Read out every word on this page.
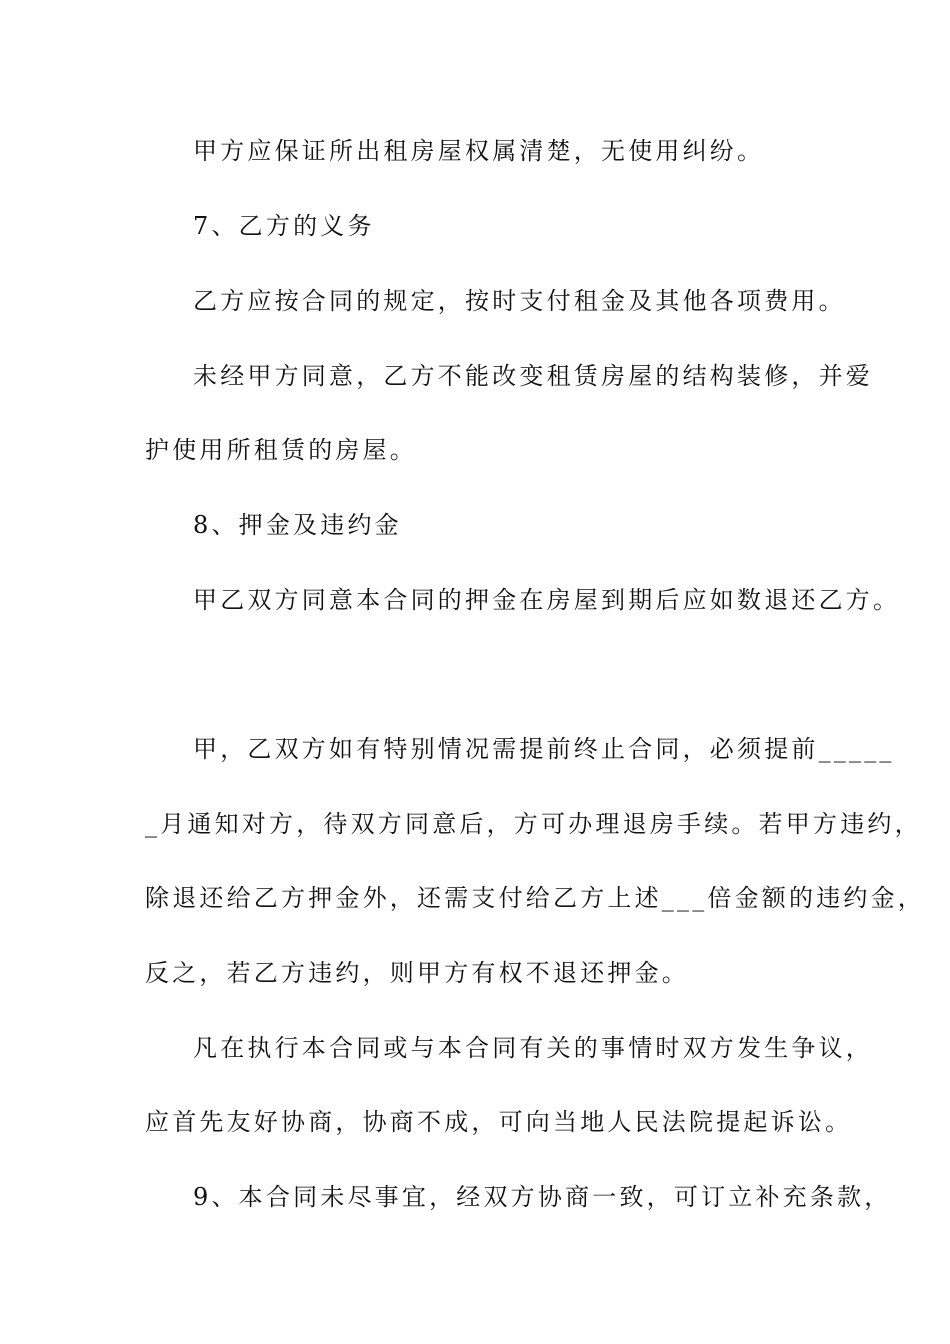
甲方应保证所出租房屋权属清楚，无使用纠纷。
7、乙方的义务
乙方应按合同的规定，按时支付租金及其他各项费用。
未经甲方同意，乙方不能改变租赁房屋的结构装修，并爱
护使用所租赁的房屋。
8、押金及违约金
甲乙双方同意本合同的押金在房屋到期后应如数退还乙方。
甲，乙双方如有特别情况需提前终止合同，必须提前_____
_月通知对方，待双方同意后，方可办理退房手续。若甲方违约，
除退还给乙方押金外，还需支付给乙方上述___倍金额的违约金，
反之，若乙方违约，则甲方有权不退还押金。
凡在执行本合同或与本合同有关的事情时双方发生争议，
应首先友好协商，协商不成，可向当地人民法院提起诉讼。
9、本合同未尽事宜，经双方协商一致，可订立补充条款，
